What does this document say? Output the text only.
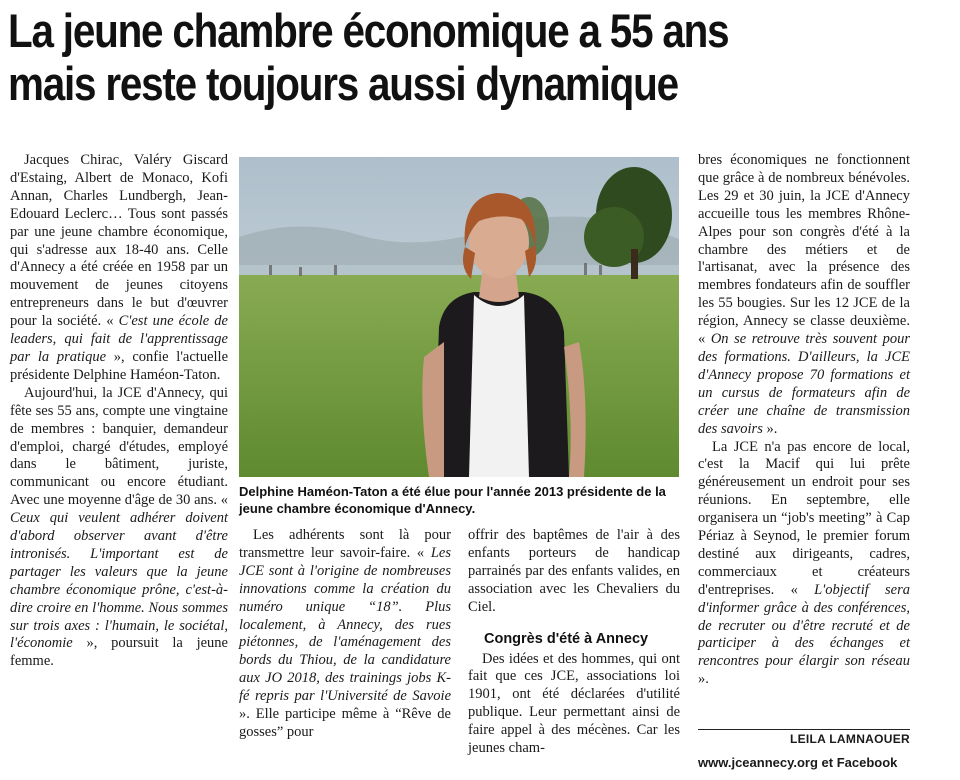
La jeune chambre économique a 55 ans
mais reste toujours aussi dynamique

Jacques Chirac, Valéry Giscard d'Estaing, Albert de Monaco, Kofi Annan, Charles Lundbergh, Jean-Edouard Leclerc… Tous sont passés par une jeune chambre économique, qui s'adresse aux 18-40 ans. Celle d'Annecy a été créée en 1958 par un mouvement de jeunes citoyens entrepreneurs dans le but d'œuvrer pour la société. « C'est une école de leaders, qui fait de l'apprentissage par la pratique », confie l'actuelle présidente Delphine Haméon-Taton.

Aujourd'hui, la JCE d'Annecy, qui fête ses 55 ans, compte une vingtaine de membres : banquier, demandeur d'emploi, chargé d'études, employé dans le bâtiment, juriste, communicant ou encore étudiant. Avec une moyenne d'âge de 30 ans. « Ceux qui veulent adhérer doivent d'abord observer avant d'être intronisés. L'important est de partager les valeurs que la jeune chambre économique prône, c'est-à-dire croire en l'homme. Nous sommes sur trois axes : l'humain, le sociétal, l'économie », poursuit la jeune femme.

Delphine Haméon-Taton a été élue pour l'année 2013 présidente de la jeune chambre économique d'Annecy.

Les adhérents sont là pour transmettre leur savoir-faire. « Les JCE sont à l'origine de nombreuses innovations comme la création du numéro unique “18”. Plus localement, à Annecy, des rues piétonnes, de l'aménagement des bords du Thiou, de la candidature aux JO 2018, des trainings jobs K-fé repris par l'Université de Savoie ». Elle participe même à “Rêve de gosses” pour

offrir des baptêmes de l'air à des enfants porteurs de handicap parrainés par des enfants valides, en association avec les Chevaliers du Ciel.

Congrès d'été à Annecy

Des idées et des hommes, qui ont fait que ces JCE, associations loi 1901, ont été déclarées d'utilité publique. Leur permettant ainsi de faire appel à des mécènes. Car les jeunes cham-

bres économiques ne fonctionnent que grâce à de nombreux bénévoles. Les 29 et 30 juin, la JCE d'Annecy accueille tous les membres Rhône-Alpes pour son congrès d'été à la chambre des métiers et de l'artisanat, avec la présence des membres fondateurs afin de souffler les 55 bougies. Sur les 12 JCE de la région, Annecy se classe deuxième. « On se retrouve très souvent pour des formations. D'ailleurs, la JCE d'Annecy propose 70 formations et un cursus de formateurs afin de créer une chaîne de transmission des savoirs ».

La JCE n'a pas encore de local, c'est la Macif qui lui prête généreusement un endroit pour ses réunions. En septembre, elle organisera un “job's meeting” à Cap Périaz à Seynod, le premier forum destiné aux dirigeants, cadres, commerciaux et créateurs d'entreprises. « L'objectif sera d'informer grâce à des conférences, de recruter ou d'être recruté et de participer à des échanges et rencontres pour élargir son réseau ».

LEILA LAMNAOUER
www.jceannecy.org et Facebook
